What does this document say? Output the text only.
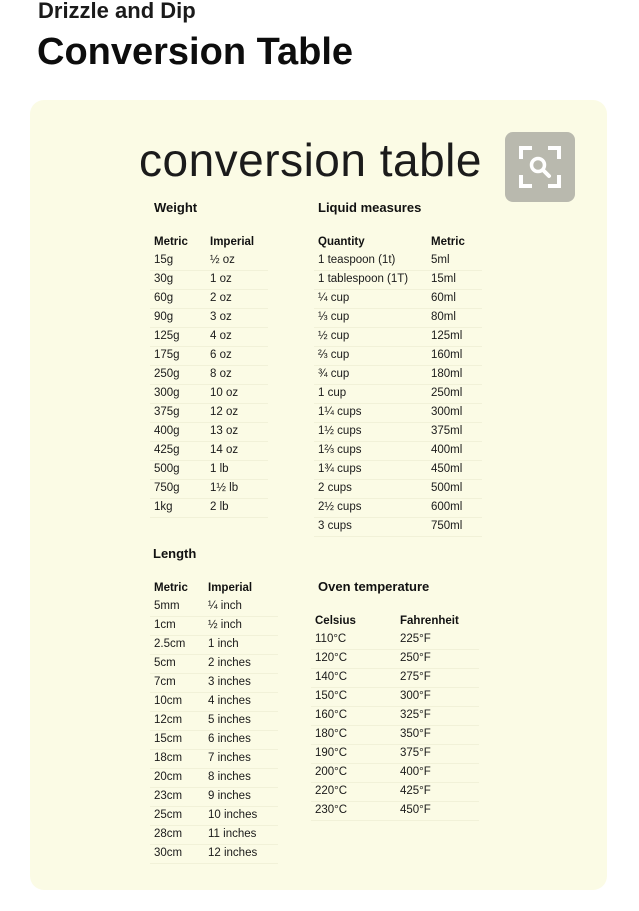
Drizzle and Dip
Conversion Table
conversion table
Weight
Metric Imperial
15g	½ oz
30g	1 oz
60g	2 oz
90g	3 oz
125g	4 oz
175g	6 oz
250g	8 oz
300g	10 oz
375g	12 oz
400g	13 oz
425g	14 oz
500g	1 lb
750g	1½ lb
1kg	2 lb
Liquid measures
Quantity	Metric
1 teaspoon (1t)	5ml
1 tablespoon (1T) 15ml
¼ cup	60ml
⅓ cup	80ml
½ cup	125ml
⅔ cup	160ml
¾ cup	180ml
1 cup	250ml
1¼ cups	300ml
1½ cups	375ml
1⅔ cups	400ml
1¾ cups	450ml
2 cups	500ml
2½ cups	600ml
3 cups	750ml
Length
Metric Imperial
5mm ¼ inch
1cm	½ inch
2.5cm 1 inch
5cm	2 inches
7cm	3 inches
10cm 4 inches
12cm 5 inches
15cm 6 inches
18cm 7 inches
20cm 8 inches
23cm 9 inches
25cm 10 inches
28cm 11 inches
30cm 12 inches
Oven temperature
Celsius	Fahrenheit
110°C	225°F
120°C	250°F
140°C	275°F
150°C	300°F
160°C	325°F
180°C	350°F
190°C	375°F
200°C	400°F
220°C	425°F
230°C	450°F
